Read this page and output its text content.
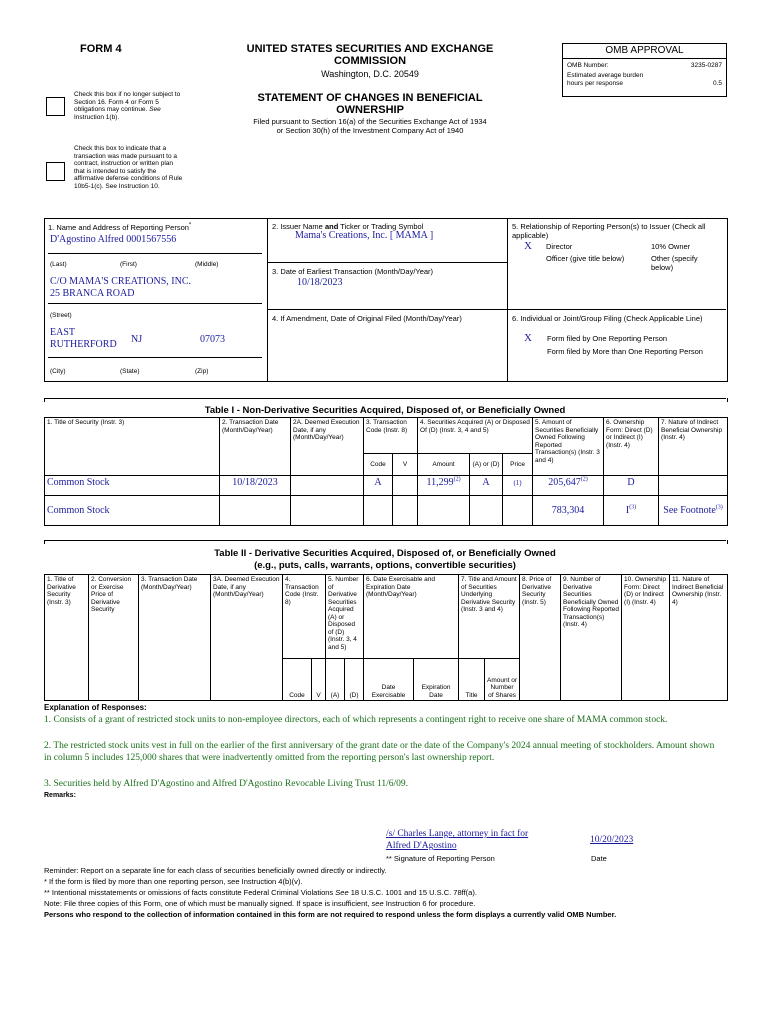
FORM 4	UNITED STATES SECURITIES AND EXCHANGE
COMMISSION
Washington, D.C. 20549
STATEMENT OF CHANGES IN BENEFICIAL
OWNERSHIP
Filed pursuant to Section 16(a) of the Securities Exchange Act of 1934
or Section 30(h) of the Investment Company Act of 1940
Check this box if no longer subject to Section 16. Form 4 or Form 5 obligations may continue. See Instruction 1(b).
Check this box to indicate that a transaction was made pursuant to a contract, instruction or written plan that is intended to satisfy the affirmative defense conditions of Rule 10b5-1(c). See Instruction 10.
OMB APPROVAL
OMB Number:	3235-0287
Estimated average burden hours per response	0.5
1. Name and Address of Reporting Person*
D'Agostino Alfred 0001567556
(Last)	(First)	(Middle)
C/O MAMA'S CREATIONS, INC.
25 BRANCA ROAD
(Street)
EAST
RUTHERFORD NJ	07073
(City)	(State)	(Zip)
2. Issuer Name and Ticker or Trading Symbol
Mama's Creations, Inc. [ MAMA ]
3. Date of Earliest Transaction (Month/Day/Year)
10/18/2023
4. If Amendment, Date of Original Filed (Month/Day/Year)
5. Relationship of Reporting Person(s) to Issuer (Check all applicable)
X Director	10% Owner
Officer (give title below)	Other (specify below)
6. Individual or Joint/Group Filing (Check Applicable Line)
X Form filed by One Reporting Person
Form filed by More than One Reporting Person
Table I - Non-Derivative Securities Acquired, Disposed of, or Beneficially Owned
1. Title of Security (Instr. 3)	2. Transaction Date (Month/Day/Year)	2A. Deemed Execution Date, if any (Month/Day/Year)	3. Transaction Code (Instr. 8)		4. Securities Acquired (A) or Disposed Of (D) (Instr. 3, 4 and 5)			5. Amount of Securities Beneficially Owned Following Reported Transaction(s) (Instr. 3 and 4)	6. Ownership Form: Direct (D) or Indirect (I) (Instr. 4)	7. Nature of Indirect Beneficial Ownership (Instr. 4)
			Code	V	Amount	(A) or (D)	Price			
Common Stock	10/18/2023		A		11,299$^{(2)}$	A	(1)	205,647$^{(2)}$	D	
Common Stock								783,304	$I^{(3)}$	See Footnote$^{(3)}$
Table II - Derivative Securities Acquired, Disposed of, or Beneficially Owned
(e.g., puts, calls, warrants, options, convertible securities)
1. Title of Derivative Security (Instr. 3)	2. Conversion or Exercise Price of Derivative Security	3. Transaction Date (Month/Day/Year)	3A. Deemed Execution Date, if any (Month/Day/Year)	4. Transaction Code (Instr. 8)		5. Number of Derivative Securities Acquired (A) or Disposed of (D) (Instr. 3, 4 and 5)		6. Date Exercisable and Expiration Date (Month/Day/Year)		7. Title and Amount of Securities Underlying Derivative Security (Instr. 3 and 4)		8. Price of Derivative Security (Instr. 5)	9. Number of Derivative Securities Beneficially Owned Following Reported Transaction(s) (Instr. 4)	10. Ownership Form: Direct (D) or Indirect (I) (Instr. 4)	11. Nature of Indirect Beneficial Ownership (Instr. 4)
				Code	V	(A)	(D)	Date Exercisable	Expiration Date	Title	Amount or Number of Shares				
Explanation of Responses:
1. Consists of a grant of restricted stock units to non-employee directors, each of which represents a contingent right to receive one share of MAMA common stock.
2. The restricted stock units vest in full on the earlier of the first anniversary of the grant date or the date of the Company's 2024 annual meeting of stockholders. Amount shown in column 5 includes 125,000 shares that were inadvertently omitted from the reporting person's last ownership report.
3. Securities held by Alfred D'Agostino and Alfred D'Agostino Revocable Living Trust 11/6/09.
Remarks:
/s/ Charles Lange, attorney in fact for
Alfred D'Agostino
10/20/2023
** Signature of Reporting Person	Date
Reminder: Report on a separate line for each class of securities beneficially owned directly or indirectly.
* If the form is filed by more than one reporting person, see Instruction 4(b)(v).
** Intentional misstatements or omissions of facts constitute Federal Criminal Violations See 18 U.S.C. 1001 and 15 U.S.C. 78ff(a).
Note: File three copies of this Form, one of which must be manually signed. If space is insufficient, see Instruction 6 for procedure.
Persons who respond to the collection of information contained in this form are not required to respond unless the form displays a currently valid OMB Number.
